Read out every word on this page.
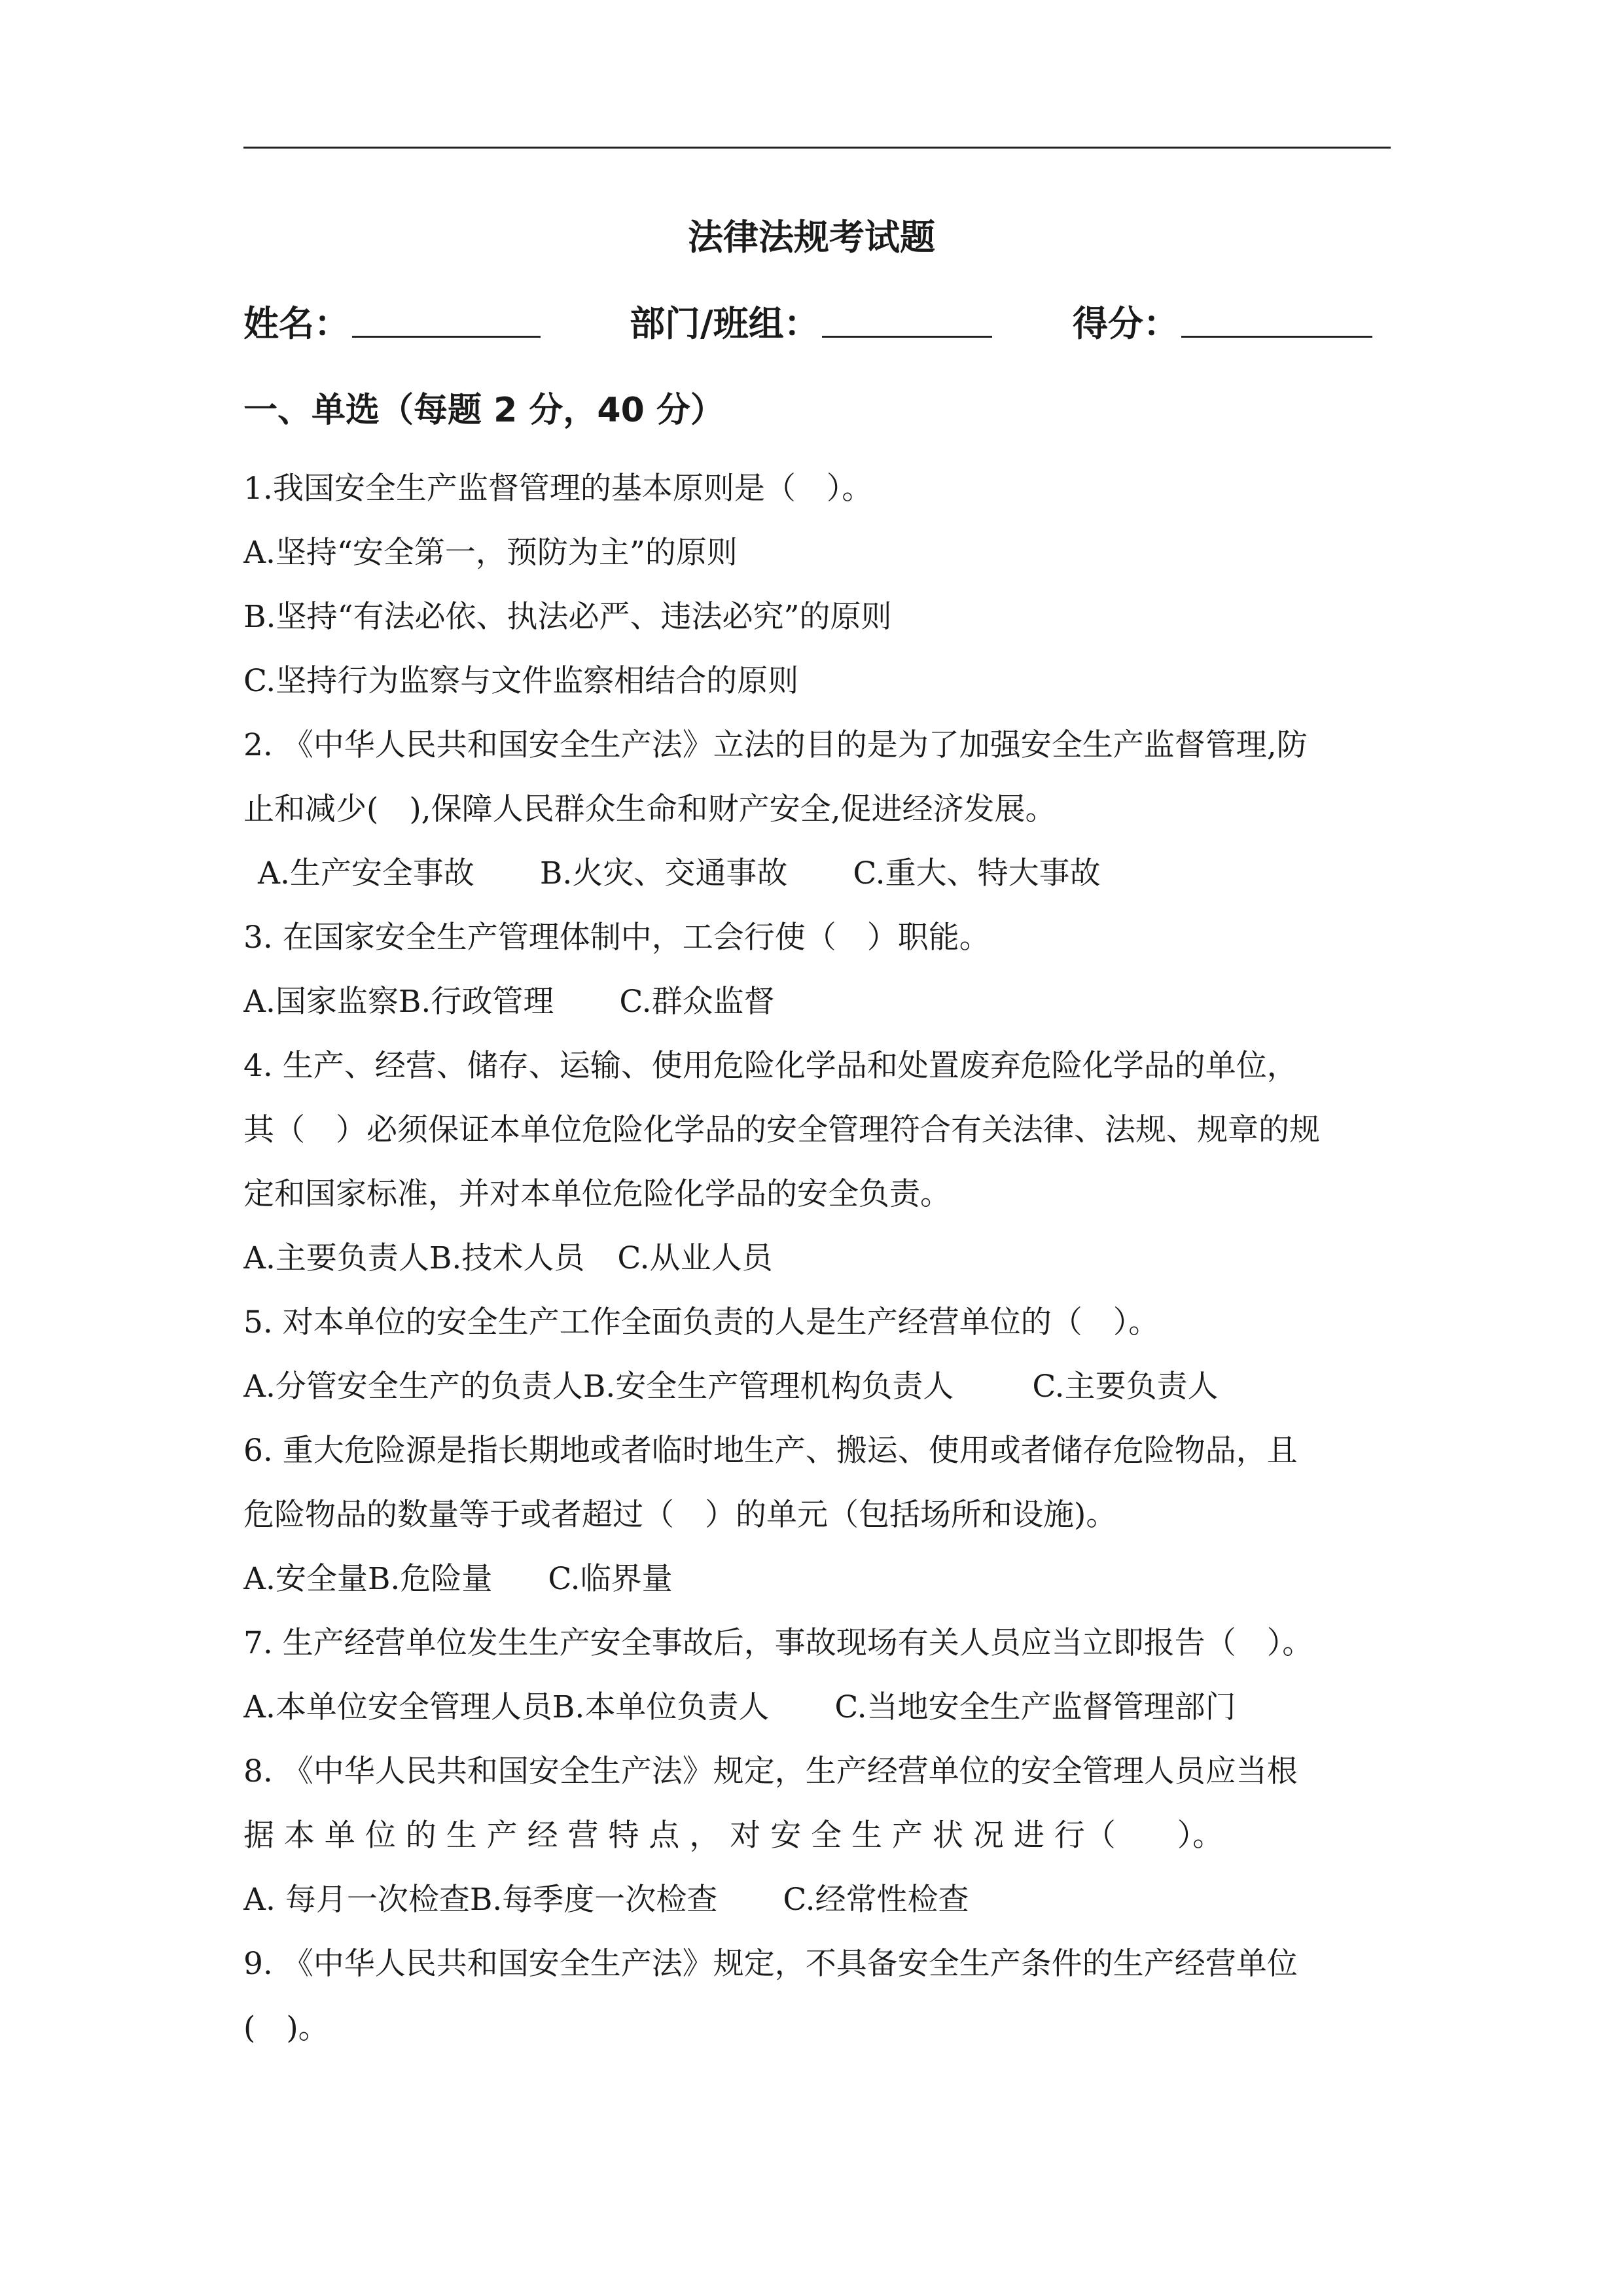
法律法规考试题
姓名：	部门/班组：	得分：
一、单选（每题 2 分，40 分）
1.我国安全生产监督管理的基本原则是（　）。
A.坚持“安全第一，预防为主”的原则
B.坚持“有法必依、执法必严、违法必究”的原则
C.坚持行为监察与文件监察相结合的原则
2. 《中华人民共和国安全生产法》立法的目的是为了加强安全生产监督管理,防
止和减少(　),保障人民群众生命和财产安全,促进经济发展。
A.生产安全事故 B.火灾、交通事故 C.重大、特大事故
3. 在国家安全生产管理体制中，工会行使（　）职能。
A.国家监察B.行政管理 C.群众监督
4. 生产、经营、储存、运输、使用危险化学品和处置废弃危险化学品的单位，
其（　）必须保证本单位危险化学品的安全管理符合有关法律、法规、规章的规
定和国家标准，并对本单位危险化学品的安全负责。
A.主要负责人B.技术人员 C.从业人员
5. 对本单位的安全生产工作全面负责的人是生产经营单位的（　）。
A.分管安全生产的负责人B.安全生产管理机构负责人	C.主要负责人
6. 重大危险源是指长期地或者临时地生产、搬运、使用或者储存危险物品，且
危险物品的数量等于或者超过（　）的单元（包括场所和设施)。
A.安全量B.危险量 C.临界量
7. 生产经营单位发生生产安全事故后，事故现场有关人员应当立即报告（　）。
A.本单位安全管理人员B.本单位负责人 C.当地安全生产监督管理部门
8. 《中华人民共和国安全生产法》规定，生产经营单位的安全管理人员应当根
据 本 单 位 的 生 产 经 营 特 点 ， 对 安 全 生 产 状 况 进 行（　　）。
A. 每月一次检查B.每季度一次检查 C.经常性检查
9. 《中华人民共和国安全生产法》规定，不具备安全生产条件的生产经营单位
(　)。
